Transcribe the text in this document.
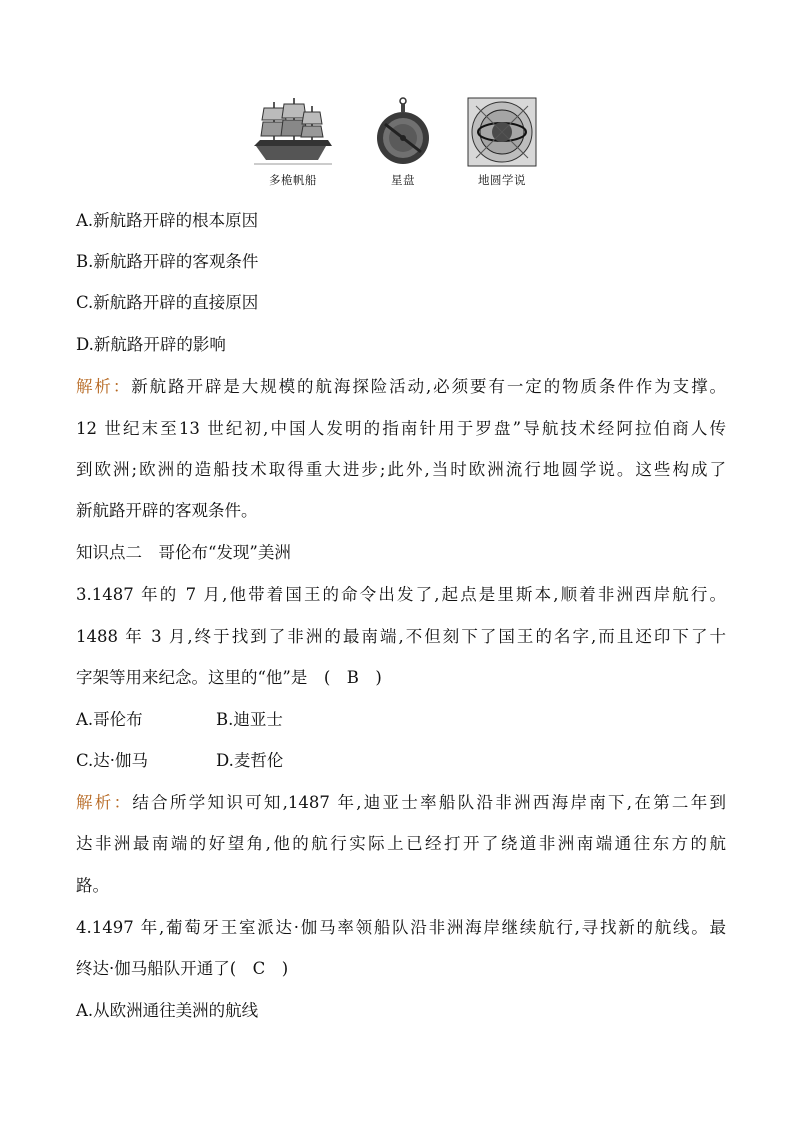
多桅帆船	星盘	地圆学说
A.新航路开辟的根本原因
B.新航路开辟的客观条件
C.新航路开辟的直接原因
D.新航路开辟的影响
解析：新航路开辟是大规模的航海探险活动,必须要有一定的物质条件作为支撑。
12 世纪末至13 世纪初,中国人发明的指南针用于罗盘”导航技术经阿拉伯商人传
到欧洲;欧洲的造船技术取得重大进步;此外,当时欧洲流行地圆学说。这些构成了
新航路开辟的客观条件。
知识点二　哥伦布“发现”美洲
3.1487 年的 7 月,他带着国王的命令出发了,起点是里斯本,顺着非洲西岸航行。
1488 年 3 月,终于找到了非洲的最南端,不但刻下了国王的名字,而且还印下了十
字架等用来纪念。这里的“他”是　(　B　)
A.哥伦布	B.迪亚士
C.达·伽马	D.麦哲伦
解析：结合所学知识可知,1487 年,迪亚士率船队沿非洲西海岸南下,在第二年到
达非洲最南端的好望角,他的航行实际上已经打开了绕道非洲南端通往东方的航
路。
4.1497 年,葡萄牙王室派达·伽马率领船队沿非洲海岸继续航行,寻找新的航线。最
终达·伽马船队开通了(　C　)
A.从欧洲通往美洲的航线
